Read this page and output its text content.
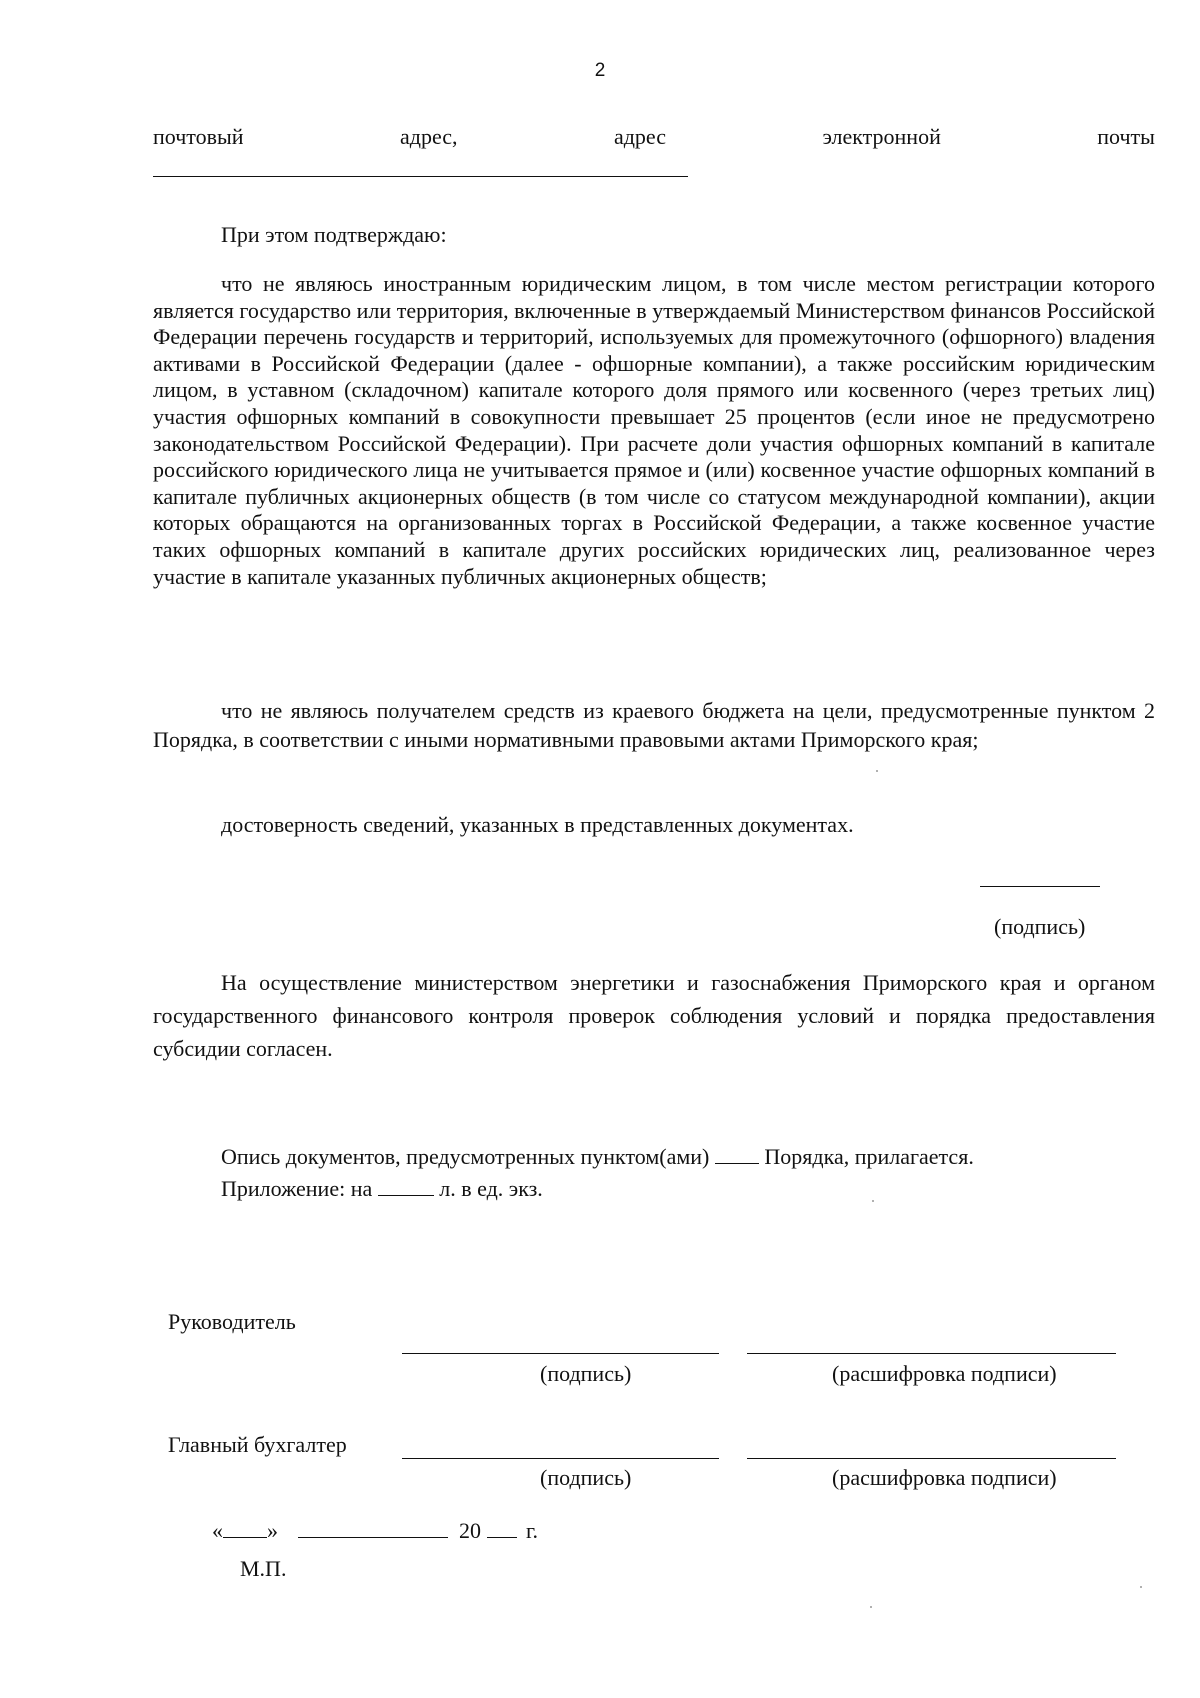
2
почтовый	адрес,	адрес	электронной	почты
При этом подтверждаю:

что не являюсь иностранным юридическим лицом, в том числе местом регистрации которого является государство или территория, включенные в утверждаемый Министерством финансов Российской Федерации перечень государств и территорий, используемых для промежуточного (офшорного) владения активами в Российской Федерации (далее - офшорные компании), а также российским юридическим лицом, в уставном (складочном) капитале которого доля прямого или косвенного (через третьих лиц) участия офшорных компаний в совокупности превышает 25 процентов (если иное не предусмотрено законодательством Российской Федерации). При расчете доли участия офшорных компаний в капитале российского юридического лица не учитывается прямое и (или) косвенное участие офшорных компаний в капитале публичных акционерных обществ (в том числе со статусом международной компании), акции которых обращаются на организованных торгах в Российской Федерации, а также косвенное участие таких офшорных компаний в капитале других российских юридических лиц, реализованное через участие в капитале указанных публичных акционерных обществ;

что не являюсь получателем средств из краевого бюджета на цели, предусмотренные пунктом 2 Порядка, в соответствии с иными нормативными правовыми актами Приморского края;

достоверность сведений, указанных в представленных документах.
(подпись)

На осуществление министерством энергетики и газоснабжения Приморского края и органом государственного финансового контроля проверок соблюдения условий и порядка предоставления субсидии согласен.

Опись документов, предусмотренных пунктом(ами)	Порядка, прилагается.
Приложение: на	л. в ед. экз.
Руководитель
(подпись)	(расшифровка подписи)
Главный бухгалтер
(подпись)	(расшифровка подписи)
« »	20 г.
М.П.
